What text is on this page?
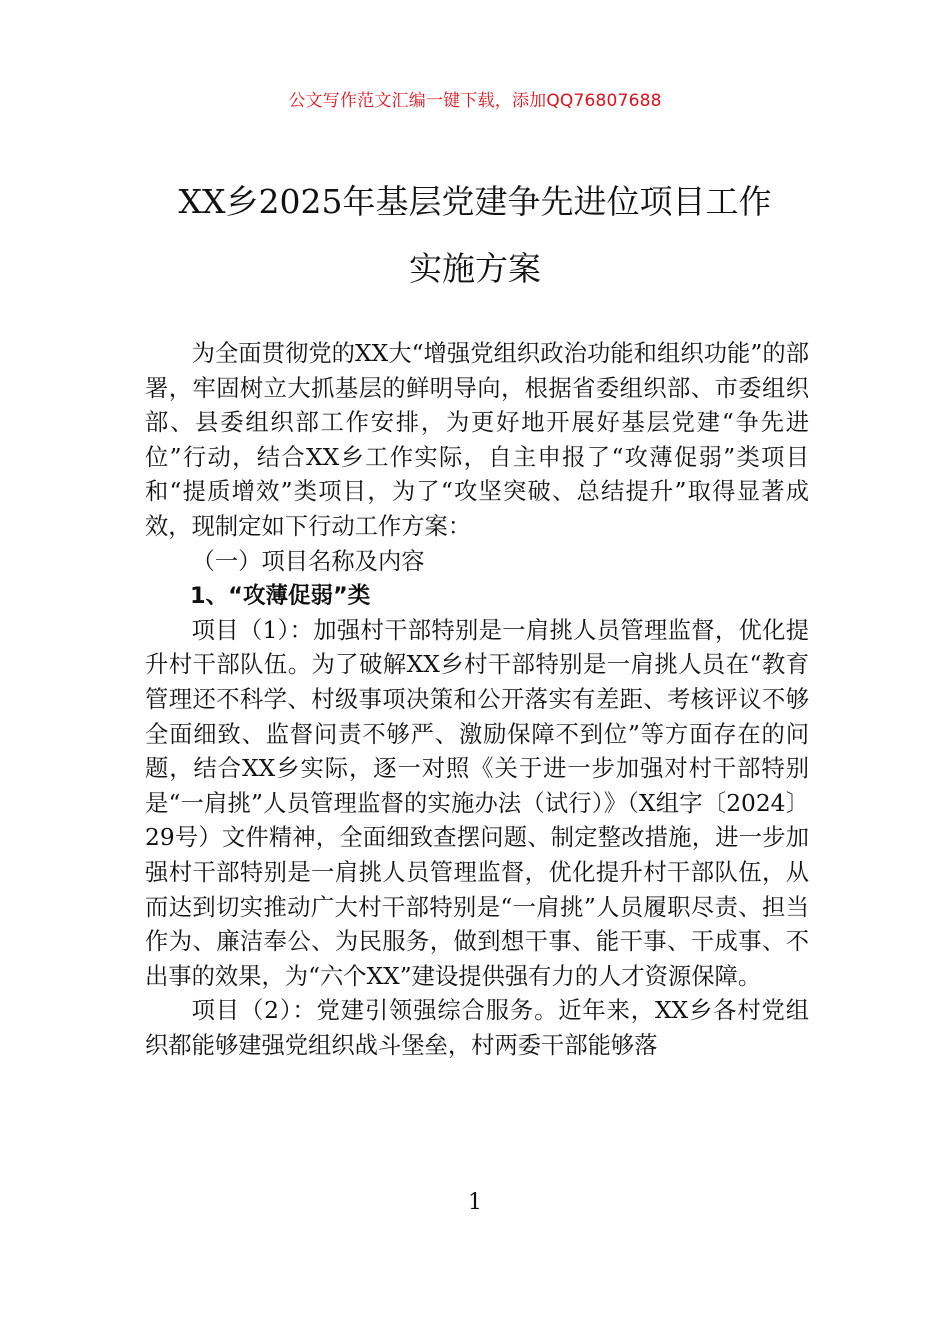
公文写作范文汇编一键下载，添加QQ76807688
XX乡2025年基层党建争先进位项目工作
实施方案

为全面贯彻党的XX大“增强党组织政治功能和组织功能”的部署，牢固树立大抓基层的鲜明导向，根据省委组织部、市委组织部、县委组织部工作安排，为更好地开展好基层党建“争先进位”行动，结合XX乡工作实际，自主申报了“攻薄促弱”类项目和“提质增效”类项目，为了“攻坚突破、总结提升”取得显著成效，现制定如下行动工作方案：

（一）项目名称及内容

1、“攻薄促弱”类

项目（1）：加强村干部特别是一肩挑人员管理监督，优化提升村干部队伍。为了破解XX乡村干部特别是一肩挑人员在“教育管理还不科学、村级事项决策和公开落实有差距、考核评议不够全面细致、监督问责不够严、激励保障不到位”等方面存在的问题，结合XX乡实际，逐一对照《关于进一步加强对村干部特别是“一肩挑”人员管理监督的实施办法（试行）》（X组字〔2024〕29号）文件精神，全面细致查摆问题、制定整改措施，进一步加强村干部特别是一肩挑人员管理监督，优化提升村干部队伍，从而达到切实推动广大村干部特别是“一肩挑”人员履职尽责、担当作为、廉洁奉公、为民服务，做到想干事、能干事、干成事、不出事的效果，为“六个XX”建设提供强有力的人才资源保障。

项目（2）：党建引领强综合服务。近年来，XX乡各村党组织都能够建强党组织战斗堡垒，村两委干部能够落

1
